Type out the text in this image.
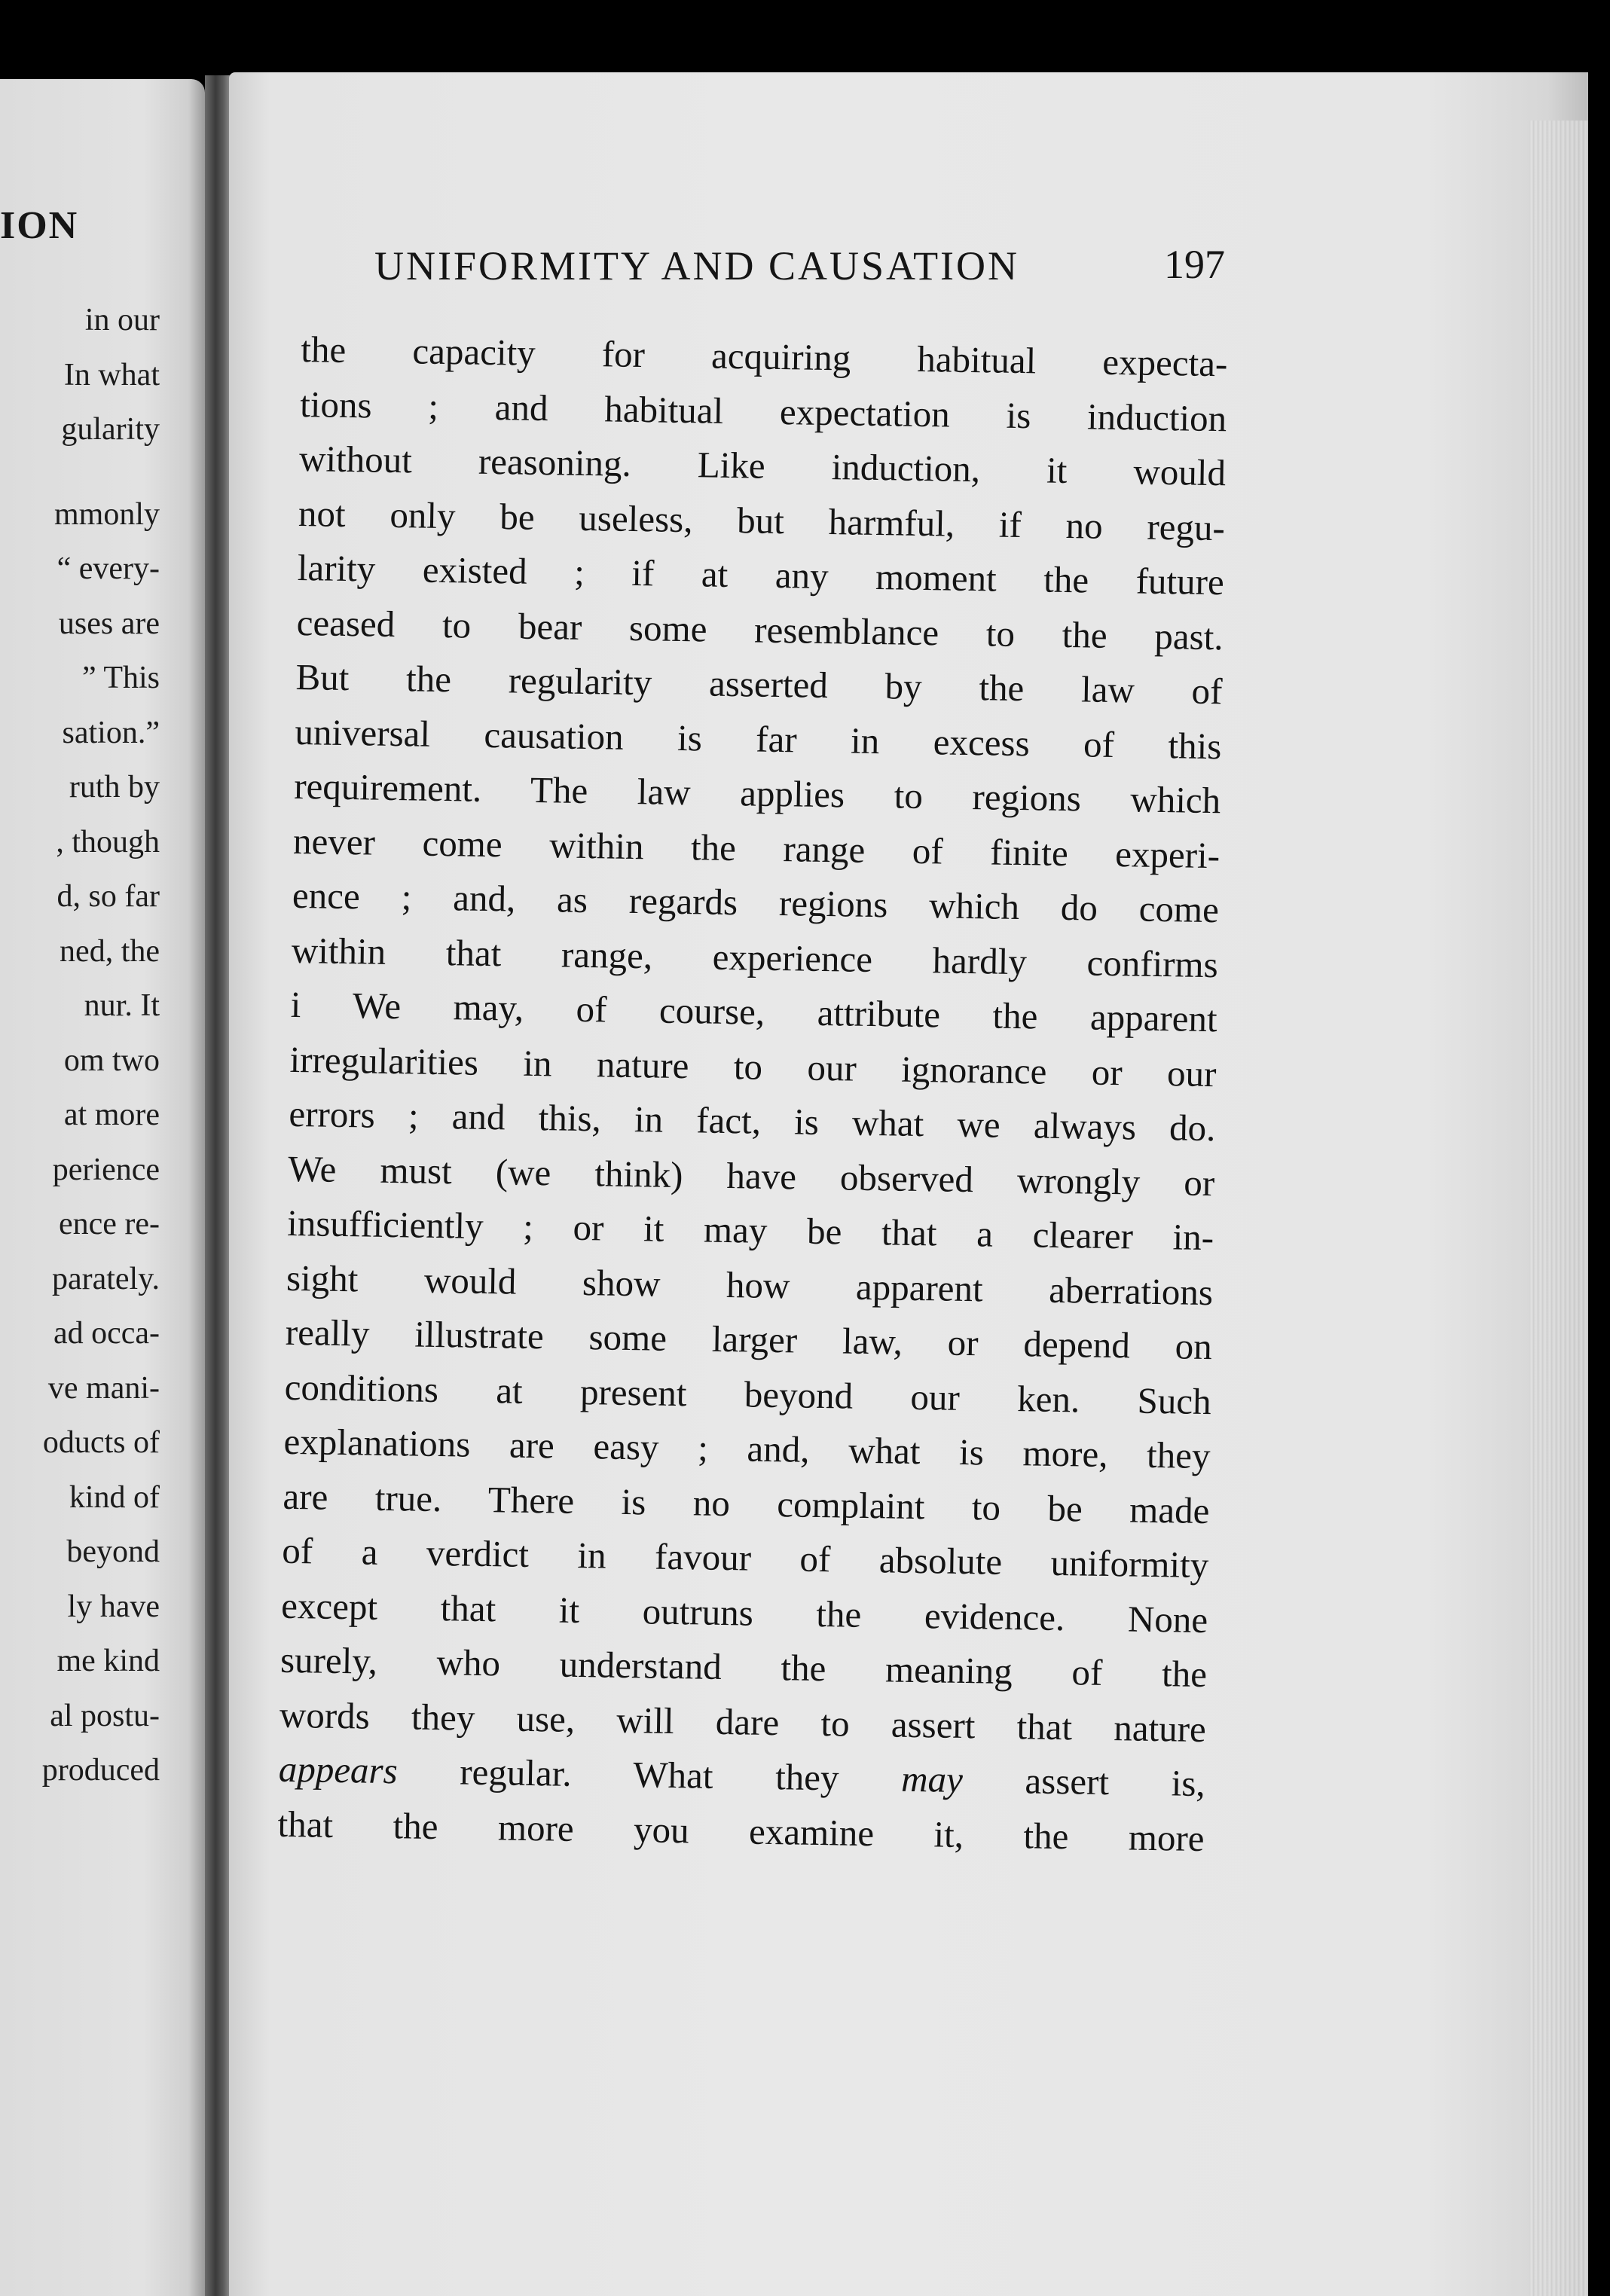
ION
in our
In what
gularity
mmonly
“ every-
uses are
” This
sation.”
ruth by
, though
d, so far
ned, the
nur. It
om two
at more
perience
ence re-
parately.
ad occa-
ve mani-
oducts of
kind of
beyond
ly have
me kind
al postu-
produced
UNIFORMITY AND CAUSATION	197
the capacity for acquiring habitual expecta-
tions ; and habitual expectation is induction
without reasoning. Like induction, it would
not only be useless, but harmful, if no regu-
larity existed ; if at any moment the future
ceased to bear some resemblance to the past.
But the regularity asserted by the law of
universal causation is far in excess of this
requirement. The law applies to regions which
never come within the range of finite experi-
ence ; and, as regards regions which do come
within that range, experience hardly confirms
i We may, of course, attribute the apparent
irregularities in nature to our ignorance or our
errors ; and this, in fact, is what we always do.
We must (we think) have observed wrongly or
insufficiently ; or it may be that a clearer in-
sight would show how apparent aberrations
really illustrate some larger law, or depend on
conditions at present beyond our ken. Such
explanations are easy ; and, what is more, they
are true. There is no complaint to be made
of a verdict in favour of absolute uniformity
except that it outruns the evidence. None
surely, who understand the meaning of the
words they use, will dare to assert that nature
appears regular. What they may assert is,
that the more you examine it, the more
